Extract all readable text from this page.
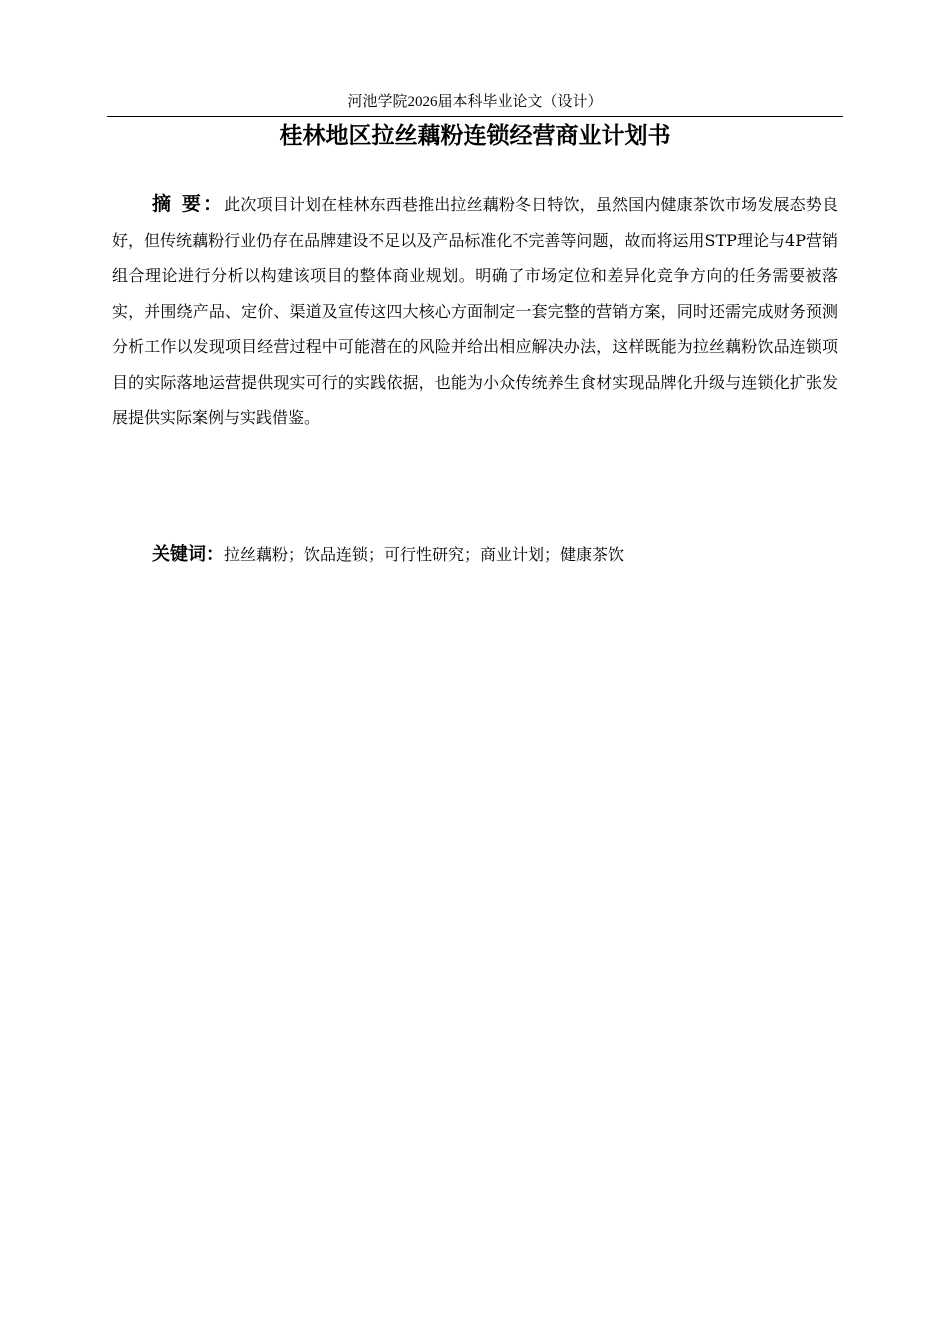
河池学院2026届本科毕业论文（设计）
桂林地区拉丝藕粉连锁经营商业计划书

摘 要：此次项目计划在桂林东西巷推出拉丝藕粉冬日特饮，虽然国内健康茶饮市场发展态势良好，但传统藕粉行业仍存在品牌建设不足以及产品标准化不完善等问题，故而将运用STP理论与4P营销组合理论进行分析以构建该项目的整体商业规划。明确了市场定位和差异化竞争方向的任务需要被落实，并围绕产品、定价、渠道及宣传这四大核心方面制定一套完整的营销方案，同时还需完成财务预测分析工作以发现项目经营过程中可能潜在的风险并给出相应解决办法，这样既能为拉丝藕粉饮品连锁项目的实际落地运营提供现实可行的实践依据，也能为小众传统养生食材实现品牌化升级与连锁化扩张发展提供实际案例与实践借鉴。

关键词：拉丝藕粉；饮品连锁；可行性研究；商业计划；健康茶饮
